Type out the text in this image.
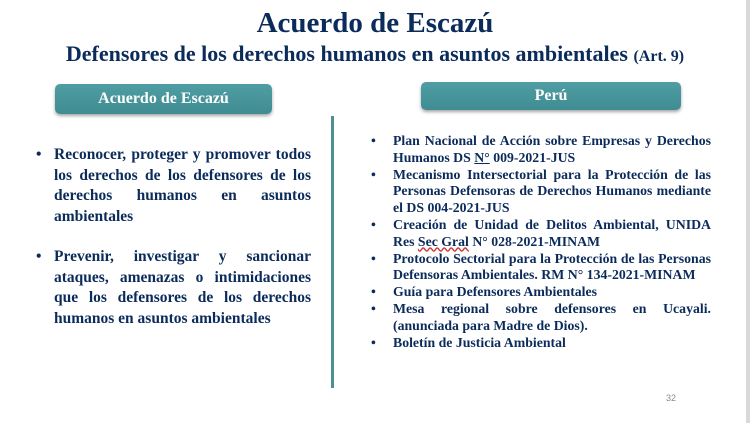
Acuerdo de Escazú
Defensores de los derechos humanos en asuntos ambientales (Art. 9)
Acuerdo de Escazú	Perú
• Reconocer, proteger y promover todos los derechos de los defensores de los derechos humanos en asuntos ambientales
• Prevenir, investigar y sancionar ataques, amenazas o intimidaciones que los defensores de los derechos humanos en asuntos ambientales
• Plan Nacional de Acción sobre Empresas y Derechos Humanos DS N° 009-2021-JUS
• Mecanismo Intersectorial para la Protección de las Personas Defensoras de Derechos Humanos mediante el DS 004-2021-JUS
• Creación de Unidad de Delitos Ambiental, UNIDA Res Sec Gral N° 028-2021-MINAM
• Protocolo Sectorial para la Protección de las Personas Defensoras Ambientales. RM N° 134-2021-MINAM
• Guía para Defensores Ambientales
• Mesa regional sobre defensores en Ucayali. (anunciada para Madre de Dios).
• Boletín de Justicia Ambiental
32
